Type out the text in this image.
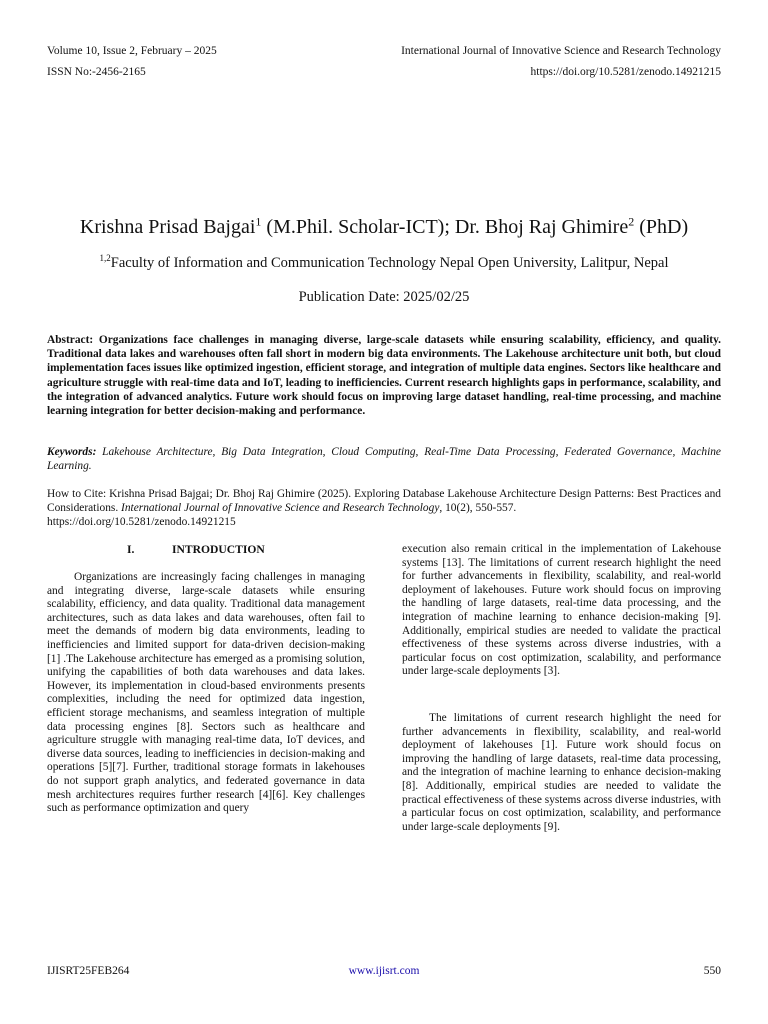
Volume 10, Issue 2, February – 2025	International Journal of Innovative Science and Research Technology
ISSN No:-2456-2165	https://doi.org/10.5281/zenodo.14921215
Krishna Prisad Bajgai$^1$ (M.Phil. Scholar-ICT); Dr. Bhoj Raj Ghimire$^2$ (PhD)
$^{1,2}$Faculty of Information and Communication Technology Nepal Open University, Lalitpur, Nepal
Publication Date: 2025/02/25
Abstract: Organizations face challenges in managing diverse, large-scale datasets while ensuring scalability, efficiency, and quality. Traditional data lakes and warehouses often fall short in modern big data environments. The Lakehouse architecture unit both, but cloud implementation faces issues like optimized ingestion, efficient storage, and integration of multiple data engines. Sectors like healthcare and agriculture struggle with real-time data and IoT, leading to inefficiencies. Current research highlights gaps in performance, scalability, and the integration of advanced analytics. Future work should focus on improving large dataset handling, real-time processing, and machine learning integration for better decision-making and performance.
Keywords: Lakehouse Architecture, Big Data Integration, Cloud Computing, Real-Time Data Processing, Federated Governance, Machine Learning.
How to Cite: Krishna Prisad Bajgai; Dr. Bhoj Raj Ghimire (2025). Exploring Database Lakehouse Architecture Design Patterns: Best Practices and Considerations. International Journal of Innovative Science and Research Technology, 10(2), 550-557.
https://doi.org/10.5281/zenodo.14921215
I.	INTRODUCTION

Organizations are increasingly facing challenges in managing and integrating diverse, large-scale datasets while ensuring scalability, efficiency, and data quality. Traditional data management architectures, such as data lakes and data warehouses, often fail to meet the demands of modern big data environments, leading to inefficiencies and limited support for data-driven decision-making [1] .The Lakehouse architecture has emerged as a promising solution, unifying the capabilities of both data warehouses and data lakes. However, its implementation in cloud-based environments presents complexities, including the need for optimized data ingestion, efficient storage mechanisms, and seamless integration of multiple data processing engines [8]. Sectors such as healthcare and agriculture struggle with managing real-time data, IoT devices, and diverse data sources, leading to inefficiencies in decision-making and operations [5][7]. Further, traditional storage formats in lakehouses do not support graph analytics, and federated governance in data mesh architectures requires further research [4][6]. Key challenges such as performance optimization and query

execution also remain critical in the implementation of Lakehouse systems [13]. The limitations of current research highlight the need for further advancements in flexibility, scalability, and real-world deployment of lakehouses. Future work should focus on improving the handling of large datasets, real-time data processing, and the integration of machine learning to enhance decision-making [9]. Additionally, empirical studies are needed to validate the practical effectiveness of these systems across diverse industries, with a particular focus on cost optimization, scalability, and performance under large-scale deployments [3].

The limitations of current research highlight the need for further advancements in flexibility, scalability, and real-world deployment of lakehouses [1]. Future work should focus on improving the handling of large datasets, real-time data processing, and the integration of machine learning to enhance decision-making [8]. Additionally, empirical studies are needed to validate the practical effectiveness of these systems across diverse industries, with a particular focus on cost optimization, scalability, and performance under large-scale deployments [9].

IJISRT25FEB264	www.ijisrt.com	550
